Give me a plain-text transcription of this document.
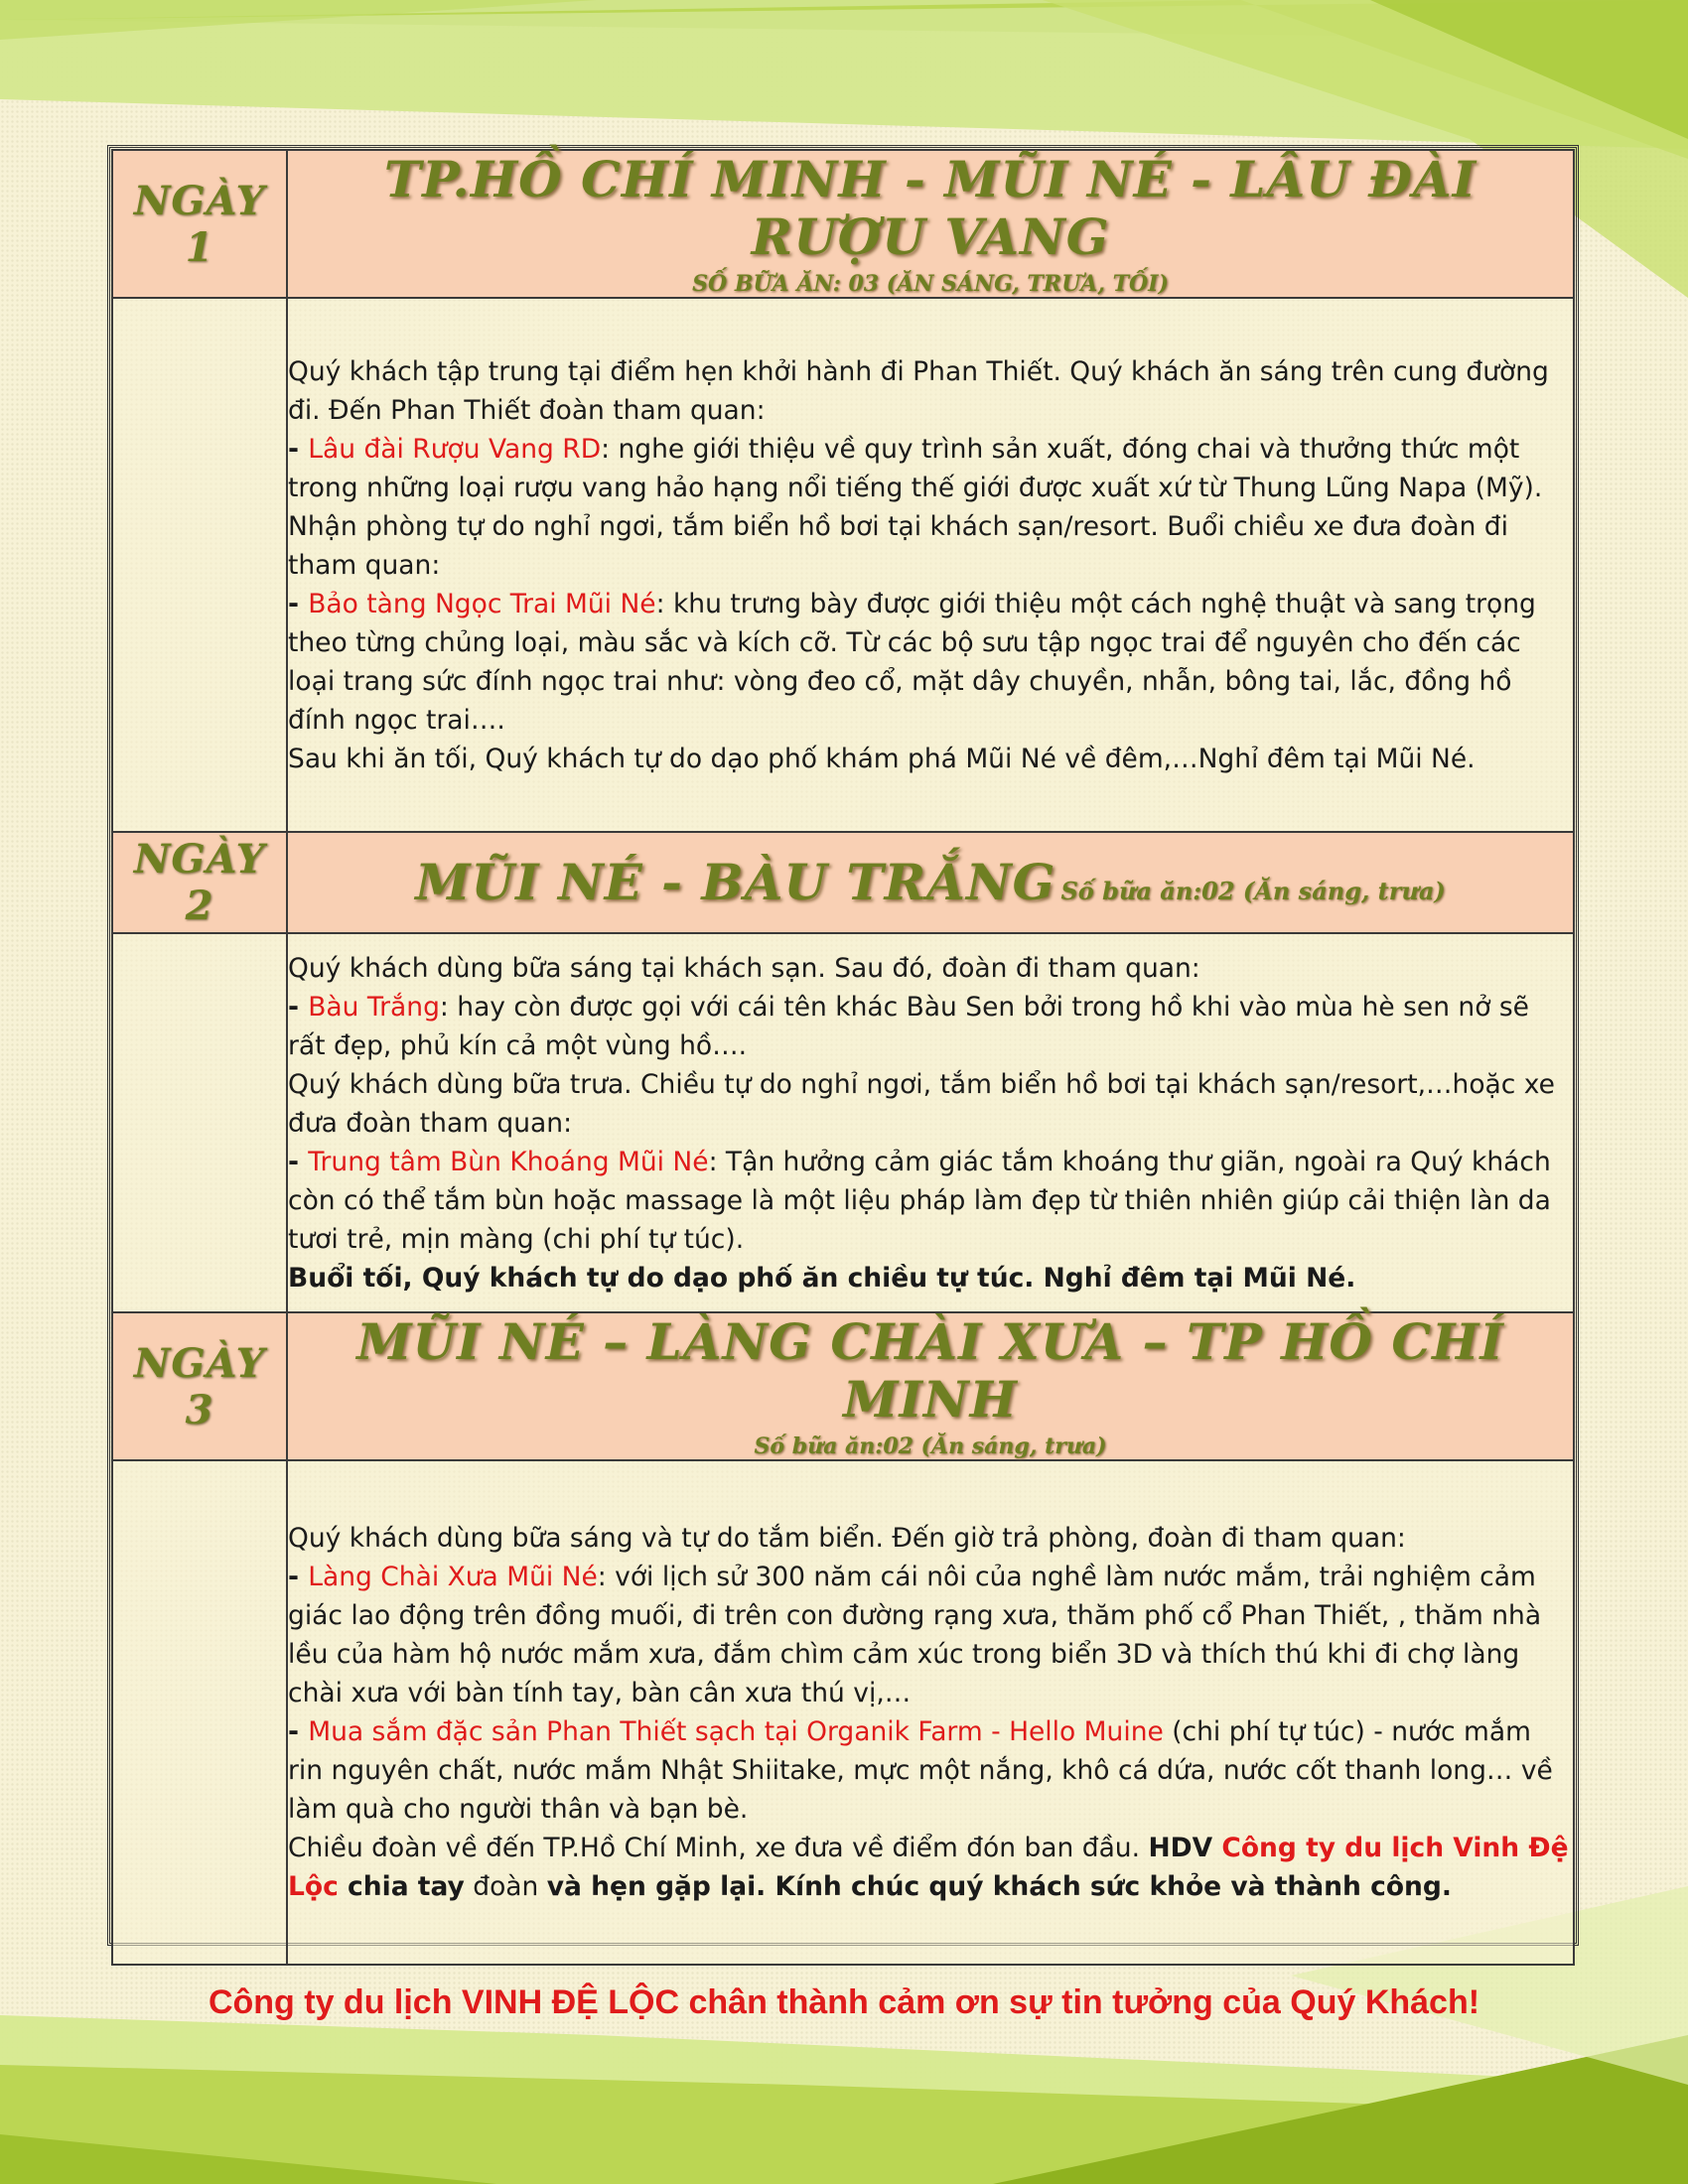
NGÀY 1	TP.HỒ CHÍ MINH - MŨI NÉ - LÂU ĐÀI RƯỢU VANG
SỐ BỮA ĂN: 03 (ĂN SÁNG, TRƯA, TỐI)

	Quý khách tập trung tại điểm hẹn khởi hành đi Phan Thiết. Quý khách ăn sáng trên cung đường đi. Đến Phan Thiết đoàn tham quan:

- Lâu đài Rượu Vang RD: nghe giới thiệu về quy trình sản xuất, đóng chai và thưởng thức một trong những loại rượu vang hảo hạng nổi tiếng thế giới được xuất xứ từ Thung Lũng Napa (Mỹ).

Nhận phòng tự do nghỉ ngơi, tắm biển hồ bơi tại khách sạn/resort. Buổi chiều xe đưa đoàn đi tham quan:

- Bảo tàng Ngọc Trai Mũi Né: khu trưng bày được giới thiệu một cách nghệ thuật và sang trọng theo từng chủng loại, màu sắc và kích cỡ. Từ các bộ sưu tập ngọc trai để nguyên cho đến các loại trang sức đính ngọc trai như: vòng đeo cổ, mặt dây chuyền, nhẫn, bông tai, lắc, đồng hồ đính ngọc trai….

Sau khi ăn tối, Quý khách tự do dạo phố khám phá Mũi Né về đêm,…Nghỉ đêm tại Mũi Né.

NGÀY 2	MŨI NÉ - BÀU TRẮNG Số bữa ăn:02 (Ăn sáng, trưa)

	Quý khách dùng bữa sáng tại khách sạn. Sau đó, đoàn đi tham quan:

- Bàu Trắng: hay còn được gọi với cái tên khác Bàu Sen bởi trong hồ khi vào mùa hè sen nở sẽ rất đẹp, phủ kín cả một vùng hồ….

Quý khách dùng bữa trưa. Chiều tự do nghỉ ngơi, tắm biển hồ bơi tại khách sạn/resort,…hoặc xe đưa đoàn tham quan:

- Trung tâm Bùn Khoáng Mũi Né: Tận hưởng cảm giác tắm khoáng thư giãn, ngoài ra Quý khách còn có thể tắm bùn hoặc massage là một liệu pháp làm đẹp từ thiên nhiên giúp cải thiện làn da tươi trẻ, mịn màng (chi phí tự túc).

Buổi tối, Quý khách tự do dạo phố ăn chiều tự túc. Nghỉ đêm tại Mũi Né.

NGÀY 3	MŨI NÉ – LÀNG CHÀI XƯA – TP HỒ CHÍ MINH
Số bữa ăn:02 (Ăn sáng, trưa)

	Quý khách dùng bữa sáng và tự do tắm biển. Đến giờ trả phòng, đoàn đi tham quan:

- Làng Chài Xưa Mũi Né: với lịch sử 300 năm cái nôi của nghề làm nước mắm, trải nghiệm cảm giác lao động trên đồng muối, đi trên con đường rạng xưa, thăm phố cổ Phan Thiết, , thăm nhà lều của hàm hộ nước mắm xưa, đắm chìm cảm xúc trong biển 3D và thích thú khi đi chợ làng chài xưa với bàn tính tay, bàn cân xưa thú vị,…

- Mua sắm đặc sản Phan Thiết sạch tại Organik Farm - Hello Muine (chi phí tự túc) - nước mắm rin nguyên chất, nước mắm Nhật Shiitake, mực một nắng, khô cá dứa, nước cốt thanh long… về làm quà cho người thân và bạn bè.

Chiều đoàn về đến TP.Hồ Chí Minh, xe đưa về điểm đón ban đầu. HDV Công ty du lịch Vinh Đệ Lộc chia tay đoàn và hẹn gặp lại. Kính chúc quý khách sức khỏe và thành công.

Công ty du lịch VINH ĐỆ LỘC chân thành cảm ơn sự tin tưởng của Quý Khách!
